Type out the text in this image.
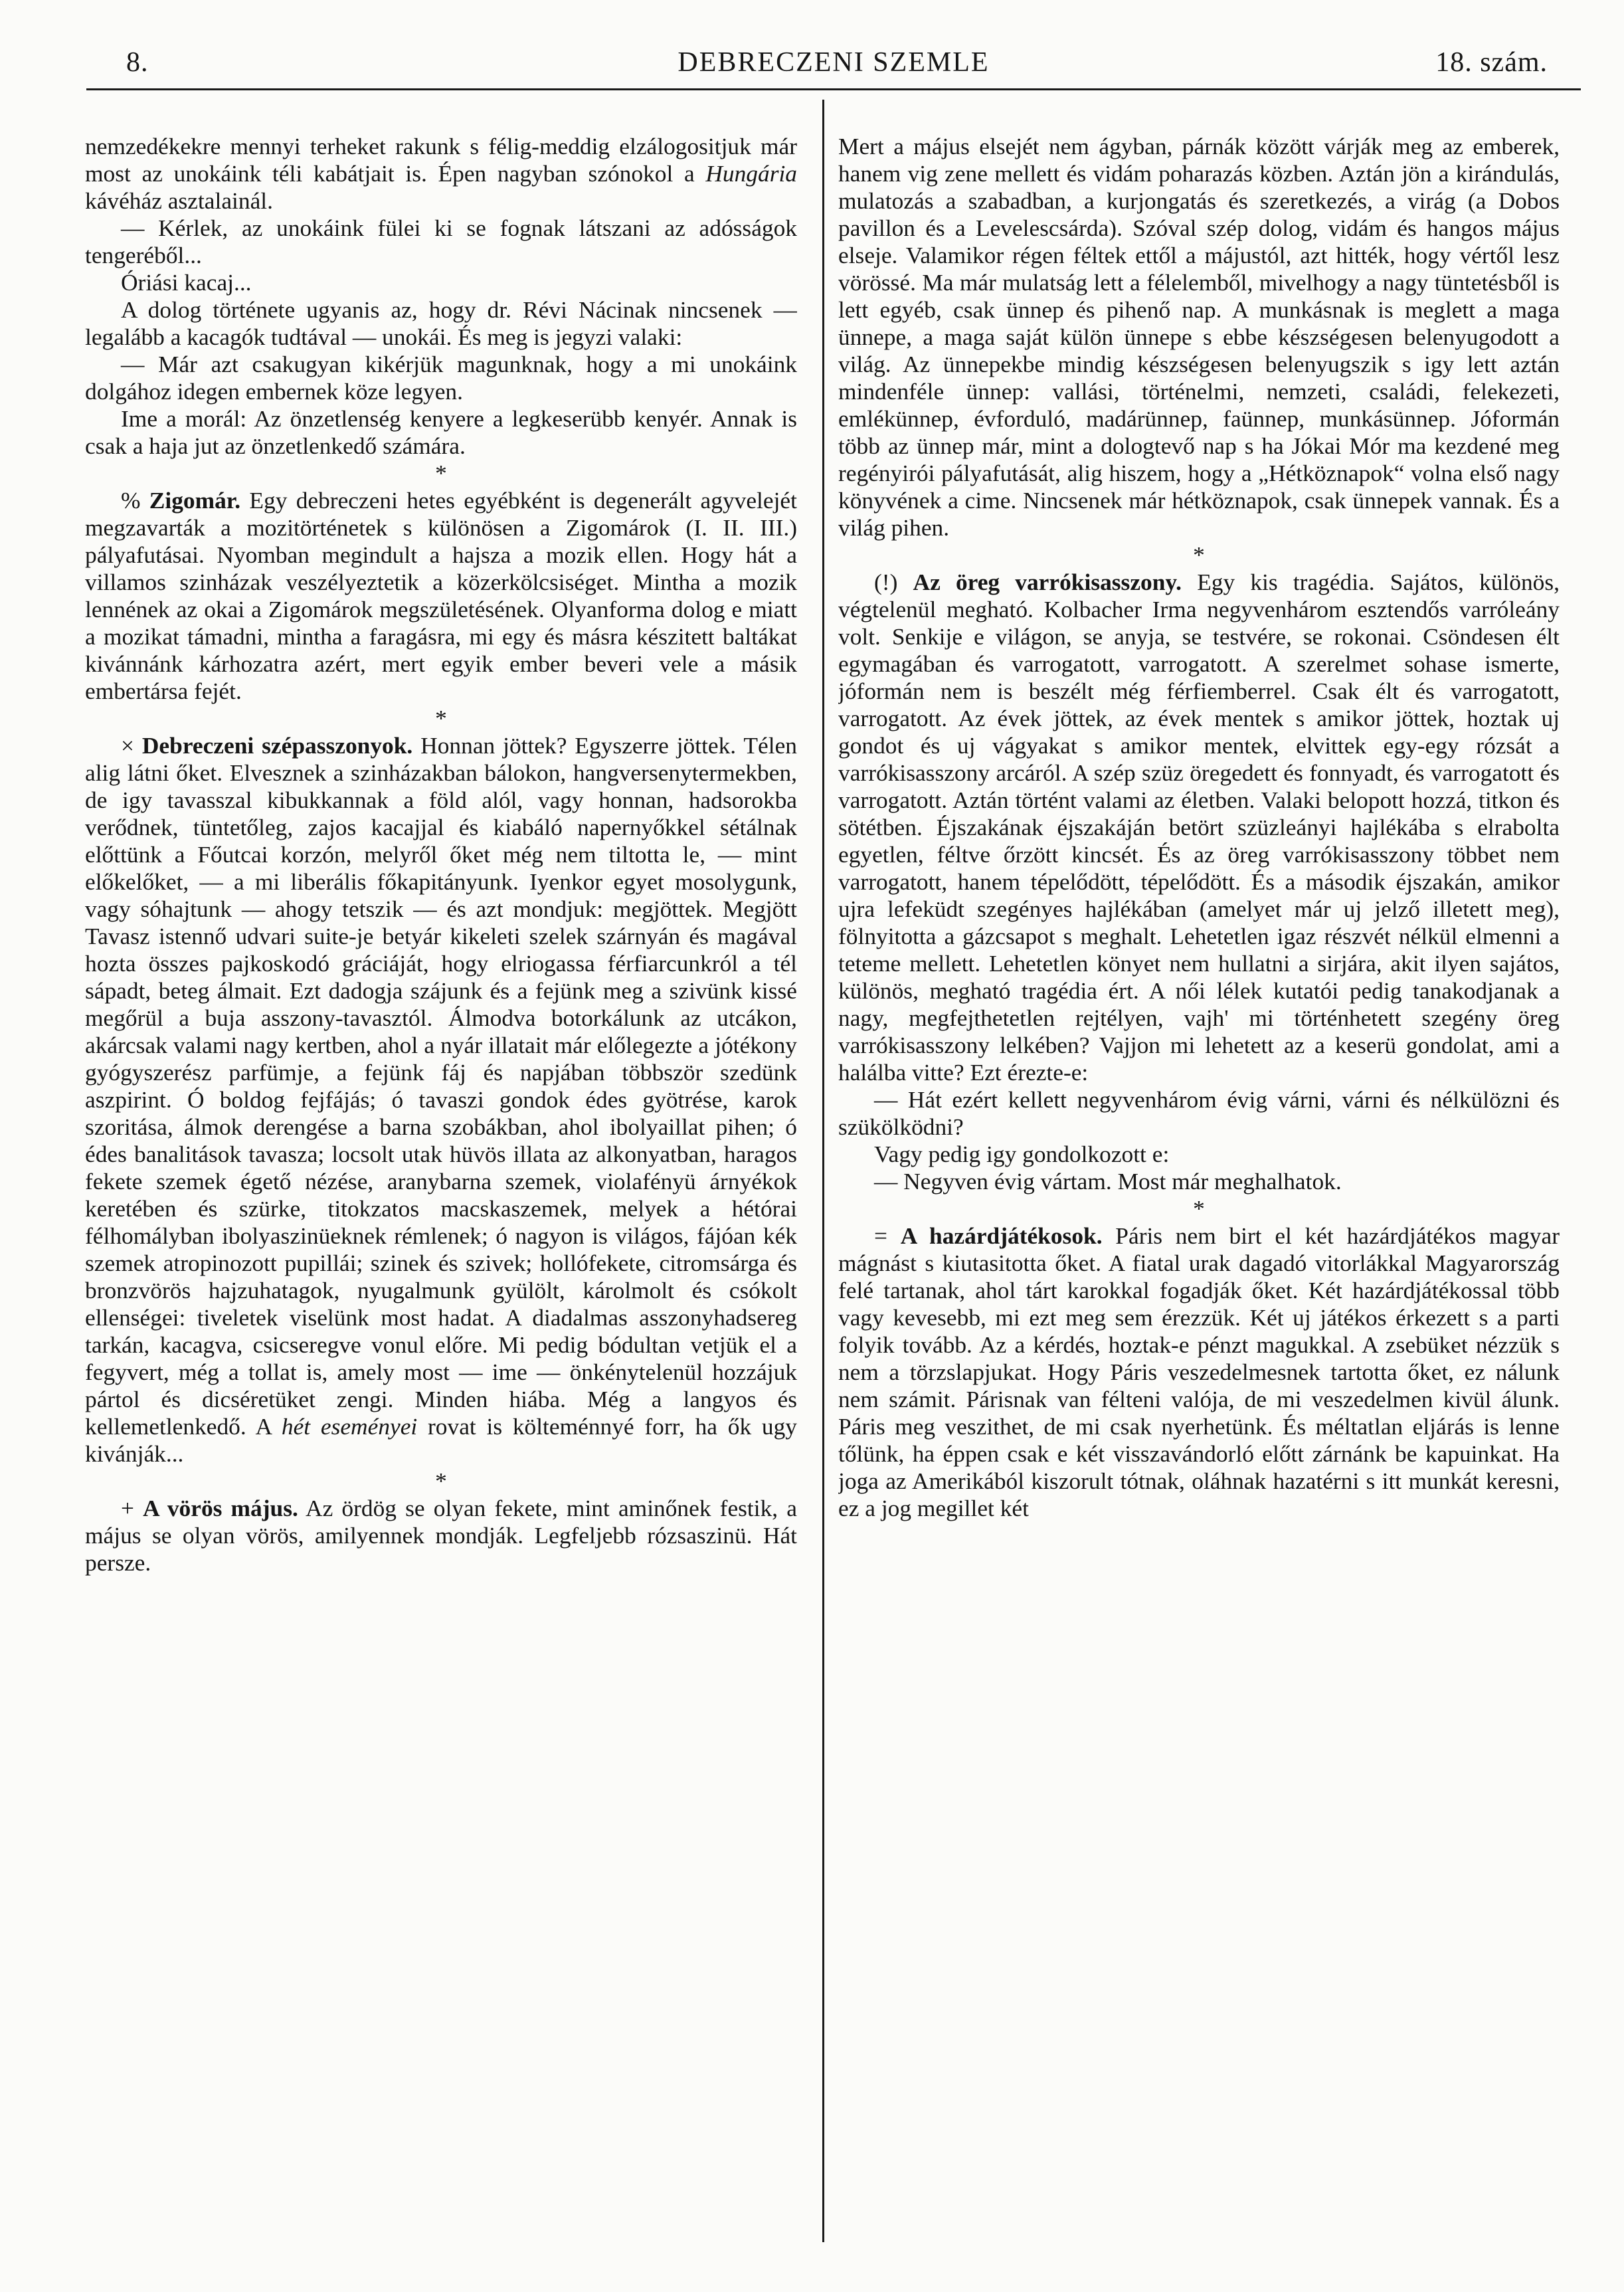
8.	DEBRECZENI SZEMLE	18. szám.

nemzedékekre mennyi terheket rakunk s félig-meddig elzálogositjuk már most az unokáink téli kabátjait is. Épen nagyban szónokol a Hungária kávéház asztalainál.

— Kérlek, az unokáink fülei ki se fognak látszani az adósságok tengeréből...

Óriási kacaj...

A dolog története ugyanis az, hogy dr. Révi Nácinak nincsenek — legalább a kacagók tudtával — unokái. És meg is jegyzi valaki:

— Már azt csakugyan kikérjük magunknak, hogy a mi unokáink dolgához idegen embernek köze legyen.

Ime a morál: Az önzetlenség kenyere a legkeserübb kenyér. Annak is csak a haja jut az önzetlenkedő számára.

*

% Zigomár. Egy debreczeni hetes egyébként is degenerált agyvelejét megzavarták a mozitörténetek s különösen a Zigomárok (I. II. III.) pályafutásai. Nyomban megindult a hajsza a mozik ellen. Hogy hát a villamos szinházak veszélyeztetik a közerkölcsiséget. Mintha a mozik lennének az okai a Zigomárok megszületésének. Olyanforma dolog e miatt a mozikat támadni, mintha a faragásra, mi egy és másra készitett baltákat kivánnánk kárhozatra azért, mert egyik ember beveri vele a másik embertársa fejét.

*

× Debreczeni szépasszonyok. Honnan jöttek? Egyszerre jöttek. Télen alig látni őket. Elvesznek a szinházakban bálokon, hangversenytermekben, de igy tavasszal kibukkannak a föld alól, vagy honnan, hadsorokba verődnek, tüntetőleg, zajos kacajjal és kiabáló napernyőkkel sétálnak előttünk a Főutcai korzón, melyről őket még nem tiltotta le, — mint előkelőket, — a mi liberális főkapitányunk. Iyenkor egyet mosolygunk, vagy sóhajtunk — ahogy tetszik — és azt mondjuk: megjöttek. Megjött Tavasz istennő udvari suite-je betyár kikeleti szelek szárnyán és magával hozta összes pajkoskodó gráciáját, hogy elriogassa férfiarcunkról a tél sápadt, beteg álmait. Ezt dadogja szájunk és a fejünk meg a szivünk kissé megőrül a buja asszony-tavasztól. Álmodva botorkálunk az utcákon, akárcsak valami nagy kertben, ahol a nyár illatait már előlegezte a jótékony gyógyszerész parfümje, a fejünk fáj és napjában többször szedünk aszpirint. Ó boldog fejfájás; ó tavaszi gondok édes gyötrése, karok szoritása, álmok derengése a barna szobákban, ahol ibolyaillat pihen; ó édes banalitások tavasza; locsolt utak hüvös illata az alkonyatban, haragos fekete szemek égető nézése, aranybarna szemek, violafényü árnyékok keretében és szürke, titokzatos macskaszemek, melyek a hétórai félhomályban ibolyaszinüeknek rémlenek; ó nagyon is világos, fájóan kék szemek atropinozott pupillái; szinek és szivek; hollófekete, citromsárga és bronzvörös hajzuhatagok, nyugalmunk gyülölt, károlmolt és csókolt ellenségei: tiveletek viselünk most hadat. A diadalmas asszonyhadsereg tarkán, kacagva, csicseregve vonul előre. Mi pedig bódultan vetjük el a fegyvert, még a tollat is, amely most — ime — önkénytelenül hozzájuk pártol és dicséretüket zengi. Minden hiába. Még a langyos és kellemetlenkedő. A hét eseményei rovat is költeménnyé forr, ha ők ugy kivánják...

*

+ A vörös május. Az ördög se olyan fekete, mint aminőnek festik, a május se olyan vörös, amilyennek mondják. Legfeljebb rózsaszinü. Hát persze.

Mert a május elsejét nem ágyban, párnák között várják meg az emberek, hanem vig zene mellett és vidám poharazás közben. Aztán jön a kirándulás, mulatozás a szabadban, a kurjongatás és szeretkezés, a virág (a Dobos pavillon és a Levelescsárda). Szóval szép dolog, vidám és hangos május elseje. Valamikor régen féltek ettől a májustól, azt hitték, hogy vértől lesz vörössé. Ma már mulatság lett a félelemből, mivelhogy a nagy tüntetésből is lett egyéb, csak ünnep és pihenő nap. A munkásnak is meglett a maga ünnepe, a maga saját külön ünnepe s ebbe készségesen belenyugodott a világ. Az ünnepekbe mindig készségesen belenyugszik s igy lett aztán mindenféle ünnep: vallási, történelmi, nemzeti, családi, felekezeti, emlékünnep, évforduló, madárünnep, faünnep, munkásünnep. Jóformán több az ünnep már, mint a dologtevő nap s ha Jókai Mór ma kezdené meg regényirói pályafutását, alig hiszem, hogy a „Hétköznapok“ volna első nagy könyvének a cime. Nincsenek már hétköznapok, csak ünnepek vannak. És a világ pihen.

*

(!) Az öreg varrókisasszony. Egy kis tragédia. Sajátos, különös, végtelenül megható. Kolbacher Irma negyvenhárom esztendős varróleány volt. Senkije e világon, se anyja, se testvére, se rokonai. Csöndesen élt egymagában és varrogatott, varrogatott. A szerelmet sohase ismerte, jóformán nem is beszélt még férfiemberrel. Csak élt és varrogatott, varrogatott. Az évek jöttek, az évek mentek s amikor jöttek, hoztak uj gondot és uj vágyakat s amikor mentek, elvittek egy-egy rózsát a varrókisasszony arcáról. A szép szüz öregedett és fonnyadt, és varrogatott és varrogatott. Aztán történt valami az életben. Valaki belopott hozzá, titkon és sötétben. Éjszakának éjszakáján betört szüzleányi hajlékába s elrabolta egyetlen, féltve őrzött kincsét. És az öreg varrókisasszony többet nem varrogatott, hanem tépelődött, tépelődött. És a második éjszakán, amikor ujra lefeküdt szegényes hajlékában (amelyet már uj jelző illetett meg), fölnyitotta a gázcsapot s meghalt. Lehetetlen igaz részvét nélkül elmenni a teteme mellett. Lehetetlen könyet nem hullatni a sirjára, akit ilyen sajátos, különös, megható tragédia ért. A női lélek kutatói pedig tanakodjanak a nagy, megfejthetetlen rejtélyen, vajh' mi történhetett szegény öreg varrókisasszony lelkében? Vajjon mi lehetett az a keserü gondolat, ami a halálba vitte? Ezt érezte-e:

— Hát ezért kellett negyvenhárom évig várni, várni és nélkülözni és szükölködni?

Vagy pedig igy gondolkozott e:

— Negyven évig vártam. Most már meghalhatok.

*

= A hazárdjátékosok. Páris nem birt el két hazárdjátékos magyar mágnást s kiutasitotta őket. A fiatal urak dagadó vitorlákkal Magyarország felé tartanak, ahol tárt karokkal fogadják őket. Két hazárdjátékossal több vagy kevesebb, mi ezt meg sem érezzük. Két uj játékos érkezett s a parti folyik tovább. Az a kérdés, hoztak-e pénzt magukkal. A zsebüket nézzük s nem a törzslapjukat. Hogy Páris veszedelmesnek tartotta őket, ez nálunk nem számit. Párisnak van félteni valója, de mi veszedelmen kivül álunk. Páris meg veszithet, de mi csak nyerhetünk. És méltatlan eljárás is lenne tőlünk, ha éppen csak e két visszavándorló előtt zárnánk be kapuinkat. Ha joga az Amerikából kiszorult tótnak, oláhnak hazatérni s itt munkát keresni, ez a jog megillet két
